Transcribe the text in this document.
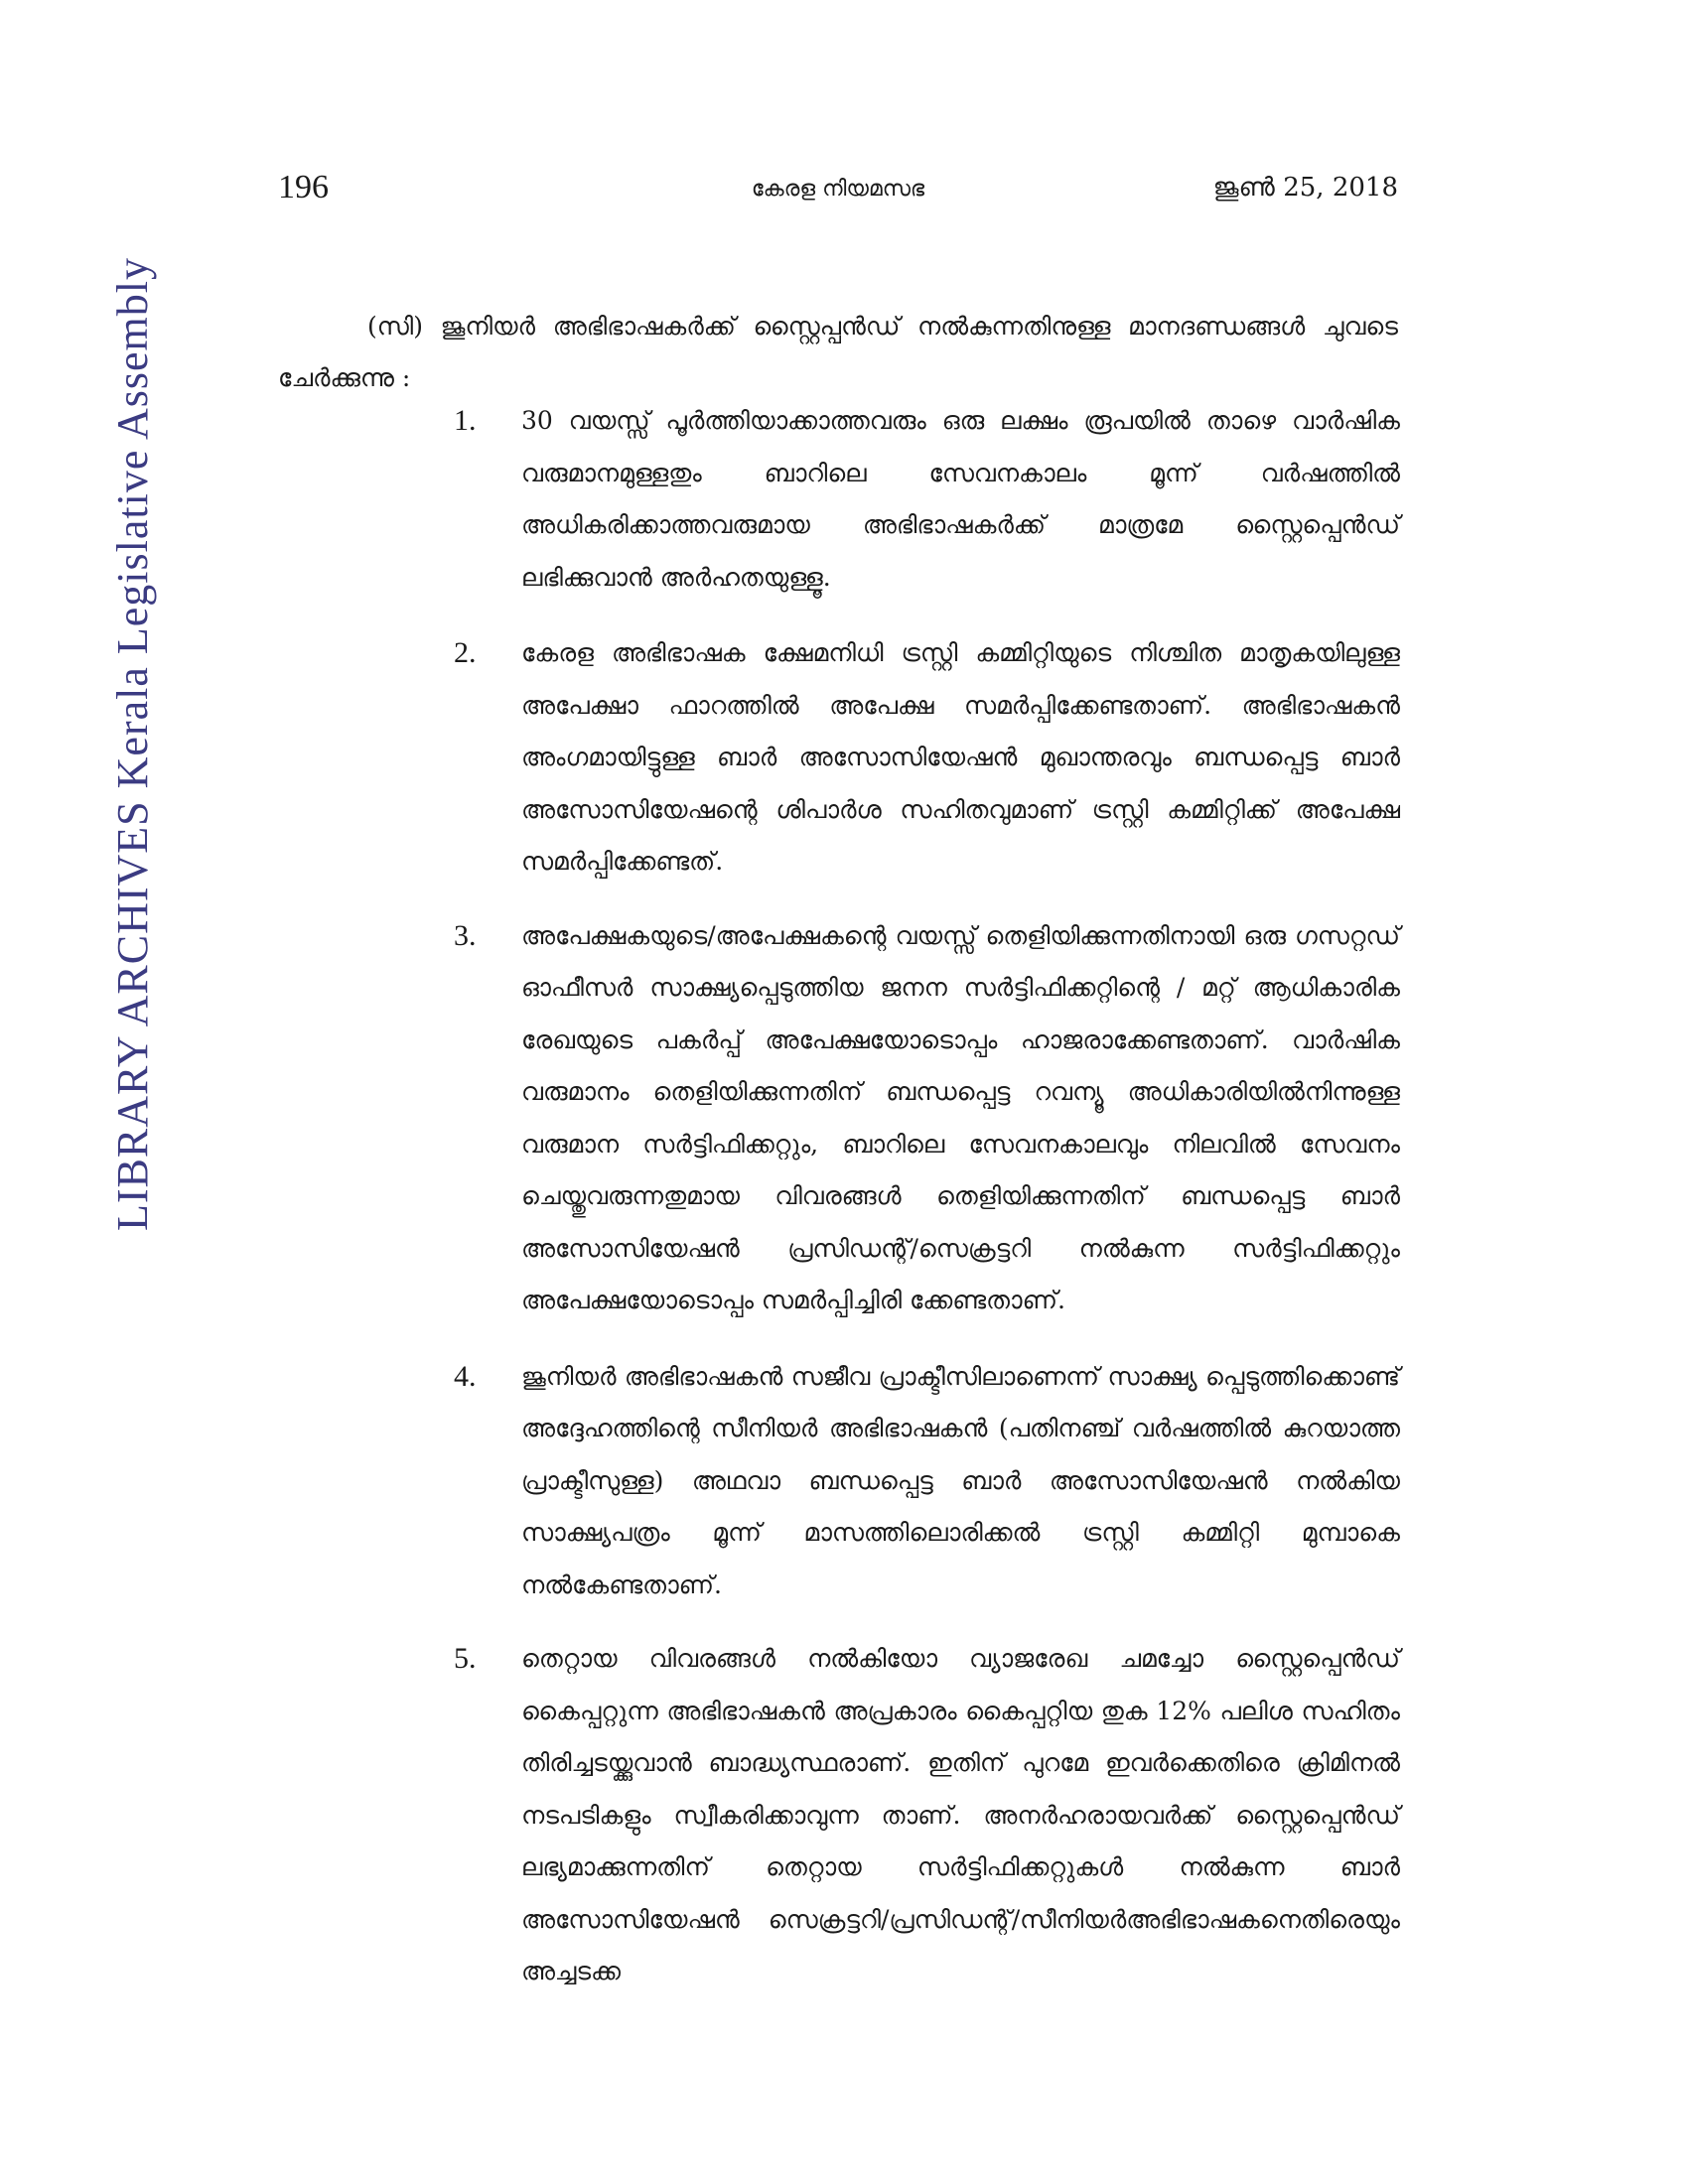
196	കേരള നിയമസഭ	ജൂൺ 25, 2018
LIBRARY ARCHIVES Kerala Legislative Assembly	(സി) ജൂനിയർ അഭിഭാഷകർക്ക് സ്റ്റൈപ്പൻഡ് നൽകുന്നതിനുള്ള മാനദണ്ഡങ്ങൾ ചുവടെ ചേർക്കുന്നു :

1. 30 വയസ്സ് പൂർത്തിയാക്കാത്തവരും ഒരു ലക്ഷം രൂപയിൽ താഴെ വാർഷിക വരുമാനമുള്ളതും ബാറിലെ സേവനകാലം മൂന്ന് വർഷത്തിൽ അധികരിക്കാത്തവരുമായ അഭിഭാഷകർക്ക് മാത്രമേ സ്റ്റൈപ്പെൻഡ് ലഭിക്കുവാൻ അർഹതയുള്ളൂ.
2. കേരള അഭിഭാഷക ക്ഷേമനിധി ട്രസ്റ്റി കമ്മിറ്റിയുടെ നിശ്ചിത മാതൃകയിലുള്ള അപേക്ഷാ ഫാറത്തിൽ അപേക്ഷ സമർപ്പിക്കേണ്ടതാണ്. അഭിഭാഷകൻ അംഗമായിട്ടുള്ള ബാർ അസോസിയേഷൻ മുഖാന്തരവും ബന്ധപ്പെട്ട ബാർ അസോസിയേഷന്റെ ശിപാർശ സഹിതവുമാണ് ട്രസ്റ്റി കമ്മിറ്റിക്ക് അപേക്ഷ സമർപ്പിക്കേണ്ടത്.
3. അപേക്ഷകയുടെ/അപേക്ഷകന്റെ വയസ്സ് തെളിയിക്കുന്നതിനായി ഒരു ഗസറ്റഡ് ഓഫീസർ സാക്ഷ്യപ്പെടുത്തിയ ജനന സർട്ടിഫിക്കറ്റിന്റെ / മറ്റ് ആധികാരിക രേഖയുടെ പകർപ്പ് അപേക്ഷയോടൊപ്പം ഹാജരാക്കേണ്ടതാണ്. വാർഷിക വരുമാനം തെളിയിക്കുന്നതിന് ബന്ധപ്പെട്ട റവന്യൂ അധികാരിയിൽനിന്നുള്ള വരുമാന സർട്ടിഫിക്കറ്റും, ബാറിലെ സേവനകാലവും നിലവിൽ സേവനം ചെയ്തുവരുന്നതുമായ വിവരങ്ങൾ തെളിയിക്കുന്നതിന് ബന്ധപ്പെട്ട ബാർ അസോസിയേഷൻ പ്രസിഡന്റ്/സെക്രട്ടറി നൽകുന്ന സർട്ടിഫിക്കറ്റും അപേക്ഷയോടൊപ്പം സമർപ്പിച്ചിരി ക്കേണ്ടതാണ്.
4. ജൂനിയർ അഭിഭാഷകൻ സജീവ പ്രാക്ടീസിലാണെന്ന് സാക്ഷ്യ പ്പെടുത്തിക്കൊണ്ട് അദ്ദേഹത്തിന്റെ സീനിയർ അഭിഭാഷകൻ (പതിനഞ്ച് വർഷത്തിൽ കുറയാത്ത പ്രാക്ടീസുള്ള) അഥവാ ബന്ധപ്പെട്ട ബാർ അസോസിയേഷൻ നൽകിയ സാക്ഷ്യപത്രം മൂന്ന് മാസത്തിലൊരിക്കൽ ട്രസ്റ്റി കമ്മിറ്റി മുമ്പാകെ നൽകേണ്ടതാണ്.
5. തെറ്റായ വിവരങ്ങൾ നൽകിയോ വ്യാജരേഖ ചമച്ചോ സ്റ്റൈപ്പെൻഡ് കൈപ്പറ്റുന്ന അഭിഭാഷകൻ അപ്രകാരം കൈപ്പറ്റിയ തുക 12% പലിശ സഹിതം തിരിച്ചടയ്ക്കുവാൻ ബാദ്ധ്യസ്ഥരാണ്. ഇതിന് പുറമേ ഇവർക്കെതിരെ ക്രിമിനൽ നടപടികളും സ്വീകരിക്കാവുന്ന താണ്. അനർഹരായവർക്ക് സ്റ്റൈപ്പെൻഡ് ലഭ്യമാക്കുന്നതിന് തെറ്റായ സർട്ടിഫിക്കറ്റുകൾ നൽകുന്ന ബാർ അസോസിയേഷൻ സെക്രട്ടറി/പ്രസിഡന്റ്/സീനിയർഅഭിഭാഷകനെതിരെയും അച്ചടക്ക
